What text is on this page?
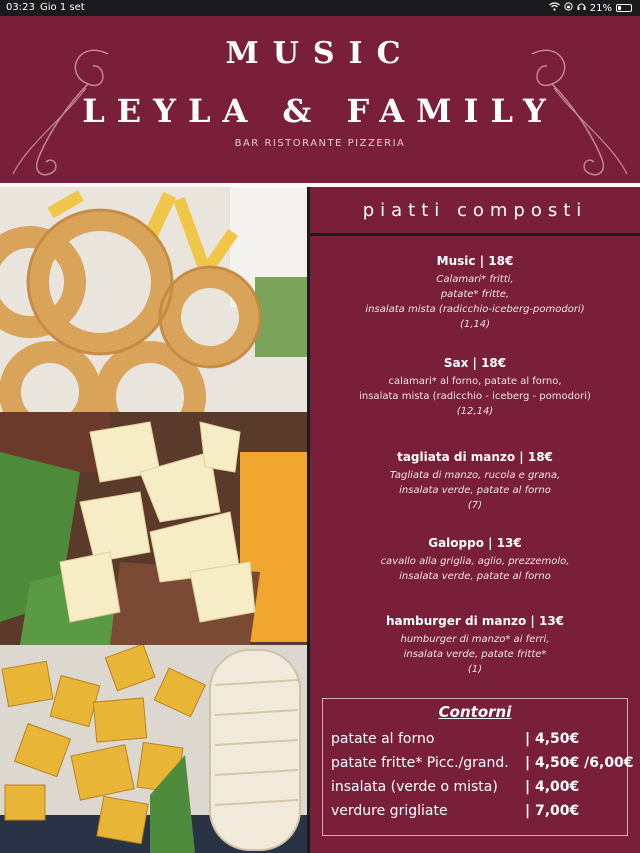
03:23 Gio 1 set	21%
MUSIC
LEYLA & FAMILY
BAR RISTORANTE PIZZERIA
piatti composti
Music | 18€
Calamari* fritti,
patate* fritte,
insalata mista (radicchio-iceberg-pomodori)
(1,14)
Sax | 18€
calamari* al forno, patate al forno,
insalata mista (radicchio - iceberg - pomodori)
(12,14)
tagliata di manzo | 18€
Tagliata di manzo, rucola e grana,
insalata verde, patate al forno
(7)
Galoppo | 13€
cavallo alla griglia, aglio, prezzemolo,
insalata verde, patate al forno
hamburger di manzo | 13€
humburger di manzo* ai ferri,
insalata verde, patate fritte*
(1)
Contorni
patate al forno	| 4,50€
patate fritte* Picc./grand. | 4,50€ /6,00€
insalata (verde o mista) | 4,00€
verdure grigliate	| 7,00€
